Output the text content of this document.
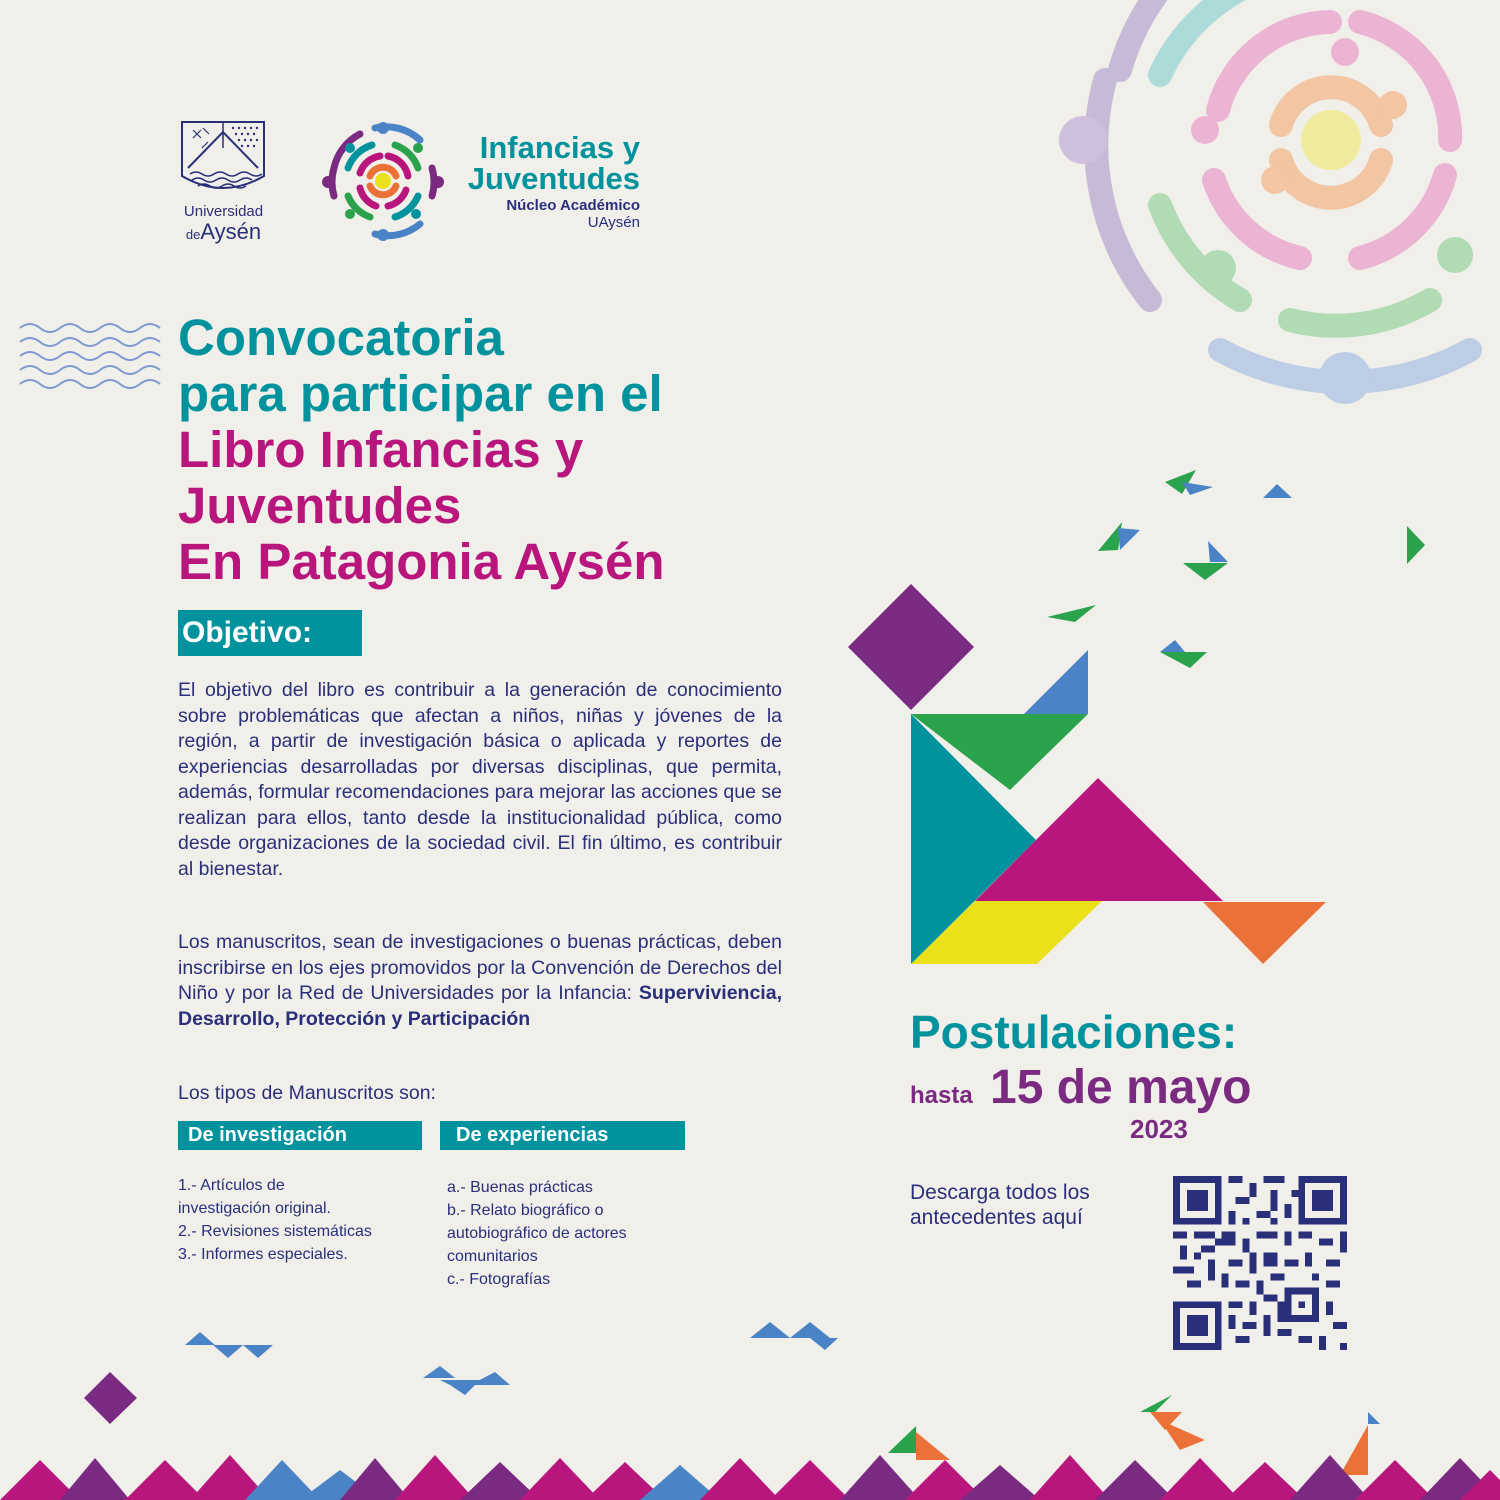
Universidad
deAysén
Infancias y
Juventudes
Núcleo Académico
UAysén
Convocatoria
para participar en el
Libro Infancias y
Juventudes
En Patagonia Aysén
Objetivo:
El objetivo del libro es contribuir a la generación de conocimiento sobre problemáticas que afectan a niños, niñas y jóvenes de la región, a partir de investigación básica o aplicada y reportes de experiencias desarrolladas por diversas disciplinas, que permita, además, formular recomendaciones para mejorar las acciones que se realizan para ellos, tanto desde la institucionalidad pública, como desde organizaciones de la sociedad civil. El fin último, es contribuir al bienestar.
Los manuscritos, sean de investigaciones o buenas prácticas, deben inscribirse en los ejes promovidos por la Convención de Derechos del Niño y por la Red de Universidades por la Infancia: Superviviencia, Desarrollo, Protección y Participación
Los tipos de Manuscritos son:
De investigación	De experiencias
1.- Artículos de
investigación original.
2.- Revisiones sistemáticas
3.- Informes especiales.
a.- Buenas prácticas
b.- Relato biográfico o
autobiográfico de actores
comunitarios
c.- Fotografías
Postulaciones:
hasta 15 de mayo
2023
Descarga todos los
antecedentes aquí
